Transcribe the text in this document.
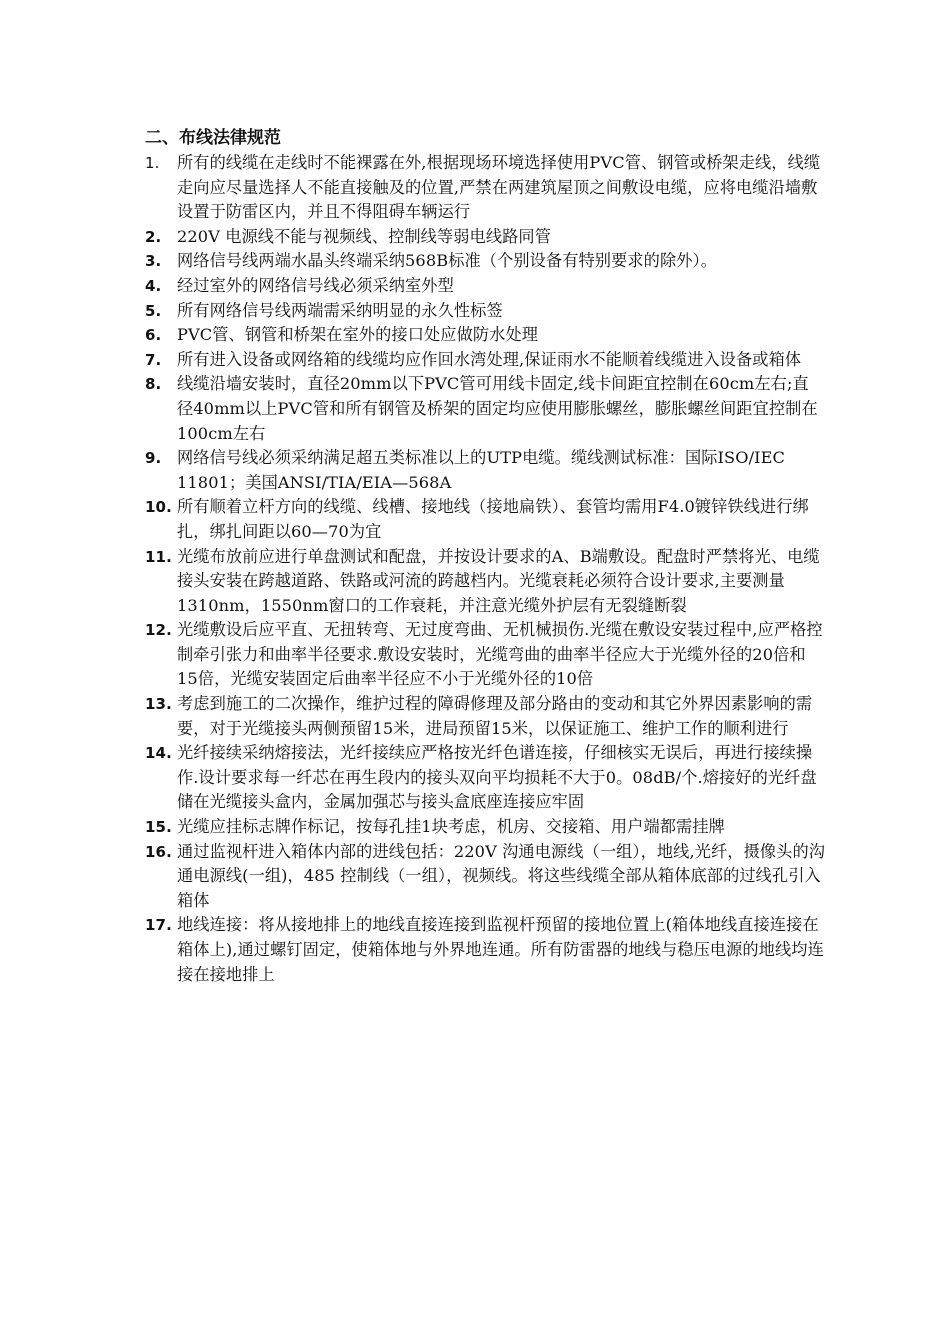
二、布线法律规范
1. 所有的线缆在走线时不能裸露在外,根据现场环境选择使用PVC管、钢管或桥架走线，线缆走向应尽量选择人不能直接触及的位置,严禁在两建筑屋顶之间敷设电缆，应将电缆沿墙敷设置于防雷区内，并且不得阻碍车辆运行
2. 220V 电源线不能与视频线、控制线等弱电线路同管
3. 网络信号线两端水晶头终端采纳568B标准（个别设备有特别要求的除外）。
4. 经过室外的网络信号线必须采纳室外型
5. 所有网络信号线两端需采纳明显的永久性标签
6. PVC管、钢管和桥架在室外的接口处应做防水处理
7. 所有进入设备或网络箱的线缆均应作回水湾处理,保证雨水不能顺着线缆进入设备或箱体
8. 线缆沿墙安装时，直径20mm以下PVC管可用线卡固定,线卡间距宜控制在60cm左右;直径40mm以上PVC管和所有钢管及桥架的固定均应使用膨胀螺丝，膨胀螺丝间距宜控制在100cm左右
9. 网络信号线必须采纳满足超五类标准以上的UTP电缆。缆线测试标准：国际ISO/IEC 11801；美国ANSI/TIA/EIA—568A
10. 所有顺着立杆方向的线缆、线槽、接地线（接地扁铁）、套管均需用F4.0镀锌铁线进行绑扎，绑扎间距以60—70为宜
11. 光缆布放前应进行单盘测试和配盘，并按设计要求的A、B端敷设。配盘时严禁将光、电缆接头安装在跨越道路、铁路或河流的跨越档内。光缆衰耗必须符合设计要求,主要测量 1310nm，1550nm窗口的工作衰耗，并注意光缆外护层有无裂缝断裂
12. 光缆敷设后应平直、无扭转弯、无过度弯曲、无机械损伤.光缆在敷设安装过程中,应严格控制牵引张力和曲率半径要求.敷设安装时，光缆弯曲的曲率半径应大于光缆外径的20倍和15倍，光缆安装固定后曲率半径应不小于光缆外径的10倍
13. 考虑到施工的二次操作，维护过程的障碍修理及部分路由的变动和其它外界因素影响的需要，对于光缆接头两侧预留15米，进局预留15米，以保证施工、维护工作的顺利进行
14. 光纤接续采纳熔接法，光纤接续应严格按光纤色谱连接，仔细核实无误后，再进行接续操作.设计要求每一纤芯在再生段内的接头双向平均损耗不大于0。08dB/个.熔接好的光纤盘储在光缆接头盒内，金属加强芯与接头盒底座连接应牢固
15. 光缆应挂标志牌作标记，按每孔挂1块考虑，机房、交接箱、用户端都需挂牌
16. 通过监视杆进入箱体内部的进线包括：220V 沟通电源线（一组），地线,光纤，摄像头的沟通电源线(一组)，485 控制线（一组），视频线。将这些线缆全部从箱体底部的过线孔引入箱体
17. 地线连接：将从接地排上的地线直接连接到监视杆预留的接地位置上(箱体地线直接连接在箱体上),通过螺钉固定，使箱体地与外界地连通。所有防雷器的地线与稳压电源的地线均连接在接地排上
